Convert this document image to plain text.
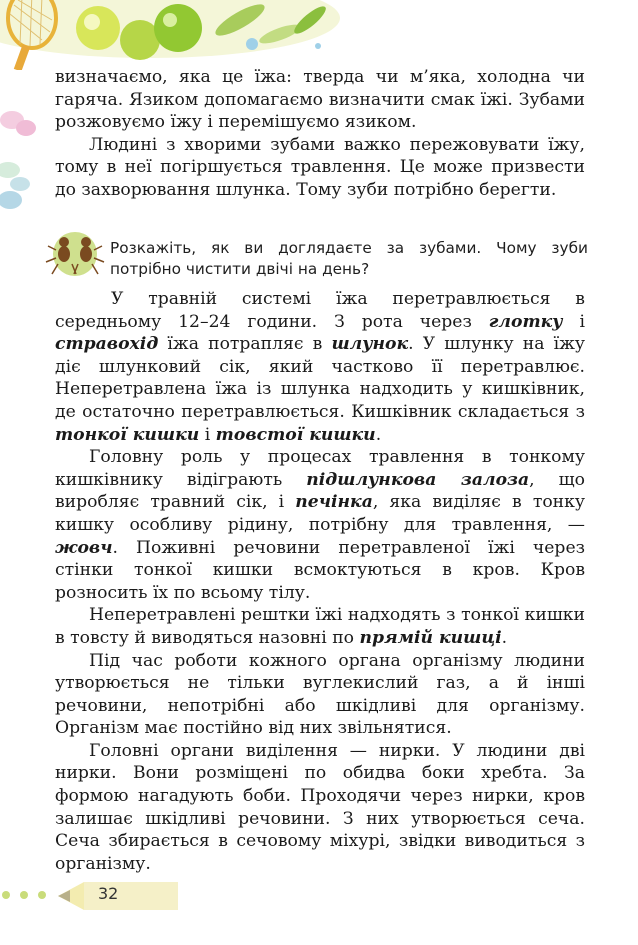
визначаємо, яка це їжа: тверда чи м’яка, холодна чи гаряча. Язиком допомагаємо визначити смак їжі. Зубами розжовуємо їжу і перемішуємо язиком.

Людині з хворими зубами важко пережовувати їжу, тому в неї погіршується травлення. Це може призвести до захворювання шлунка. Тому зуби потрібно берегти.

Розкажіть, як ви доглядаєте за зубами. Чому зуби потрібно чистити двічі на день?

У травній системі їжа перетравлюється в середньому 12–24 години. З рота через глотку і стравохід їжа потрапляє в шлунок. У шлунку на їжу діє шлунковий сік, який частково її перетравлює. Неперетравлена їжа із шлунка надходить у кишківник, де остаточно перетравлюється. Кишківник складається з тонкої кишки і товстої кишки.

Головну роль у процесах травлення в тонкому кишківнику відіграють підшлункова залоза, що виробляє травний сік, і печінка, яка виділяє в тонку кишку особливу рідину, потрібну для травлення, — жовч. Поживні речовини перетравленої їжі через стінки тонкої кишки всмоктуються в кров. Кров розносить їх по всьому тілу.

Неперетравлені рештки їжі надходять з тонкої кишки в товсту й виводяться назовні по прямій кишці.

Під час роботи кожного органа організму людини утворюється не тільки вуглекислий газ, а й інші речовини, непотрібні або шкідливі для організму. Організм має постійно від них звільнятися.

Головні органи виділення — нирки. У людини дві нирки. Вони розміщені по обидва боки хребта. За формою нагадують боби. Проходячи через нирки, кров залишає шкідливі речовини. З них утворюється сеча. Сеча збирається в сечовому міхурі, звідки виводиться з організму.

32
